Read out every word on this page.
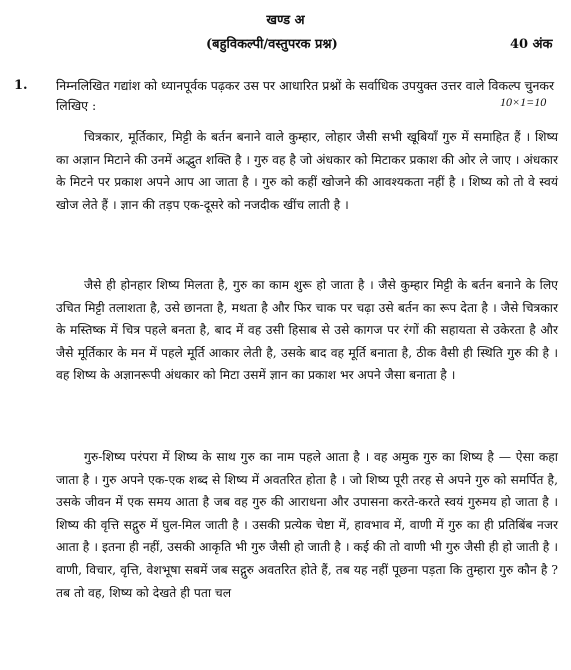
खण्ड अ
(बहुविकल्पी/वस्तुपरक प्रश्न)	40 अंक
1. निम्नलिखित गद्यांश को ध्यानपूर्वक पढ़कर उस पर आधारित प्रश्नों के सर्वाधिक उपयुक्त उत्तर वाले विकल्प चुनकर लिखिए :	10×1=10

चित्रकार, मूर्तिकार, मिट्टी के बर्तन बनाने वाले कुम्हार, लोहार जैसी सभी खूबियाँ गुरु में समाहित हैं । शिष्य का अज्ञान मिटाने की उनमें अद्भुत शक्ति है । गुरु वह है जो अंधकार को मिटाकर प्रकाश की ओर ले जाए । अंधकार के मिटने पर प्रकाश अपने आप आ जाता है । गुरु को कहीं खोजने की आवश्यकता नहीं है । शिष्य को तो वे स्वयं खोज लेते हैं । ज्ञान की तड़प एक-दूसरे को नजदीक खींच लाती है ।

जैसे ही होनहार शिष्य मिलता है, गुरु का काम शुरू हो जाता है । जैसे कुम्हार मिट्टी के बर्तन बनाने के लिए उचित मिट्टी तलाशता है, उसे छानता है, मथता है और फिर चाक पर चढ़ा उसे बर्तन का रूप देता है । जैसे चित्रकार के मस्तिष्क में चित्र पहले बनता है, बाद में वह उसी हिसाब से उसे कागज पर रंगों की सहायता से उकेरता है और जैसे मूर्तिकार के मन में पहले मूर्ति आकार लेती है, उसके बाद वह मूर्ति बनाता है, ठीक वैसी ही स्थिति गुरु की है । वह शिष्य के अज्ञानरूपी अंधकार को मिटा उसमें ज्ञान का प्रकाश भर अपने जैसा बनाता है ।

गुरु-शिष्य परंपरा में शिष्य के साथ गुरु का नाम पहले आता है । वह अमुक गुरु का शिष्य है — ऐसा कहा जाता है । गुरु अपने एक-एक शब्द से शिष्य में अवतरित होता है । जो शिष्य पूरी तरह से अपने गुरु को समर्पित है, उसके जीवन में एक समय आता है जब वह गुरु की आराधना और उपासना करते-करते स्वयं गुरुमय हो जाता है । शिष्य की वृत्ति सद्गुरु में घुल-मिल जाती है । उसकी प्रत्येक चेष्टा में, हावभाव में, वाणी में गुरु का ही प्रतिबिंब नजर आता है । इतना ही नहीं, उसकी आकृति भी गुरु जैसी हो जाती है । कई की तो वाणी भी गुरु जैसी ही हो जाती है । वाणी, विचार, वृत्ति, वेशभूषा सबमें जब सद्गुरु अवतरित होते हैं, तब यह नहीं पूछना पड़ता कि तुम्हारा गुरु कौन है ? तब तो वह, शिष्य को देखते ही पता चल
